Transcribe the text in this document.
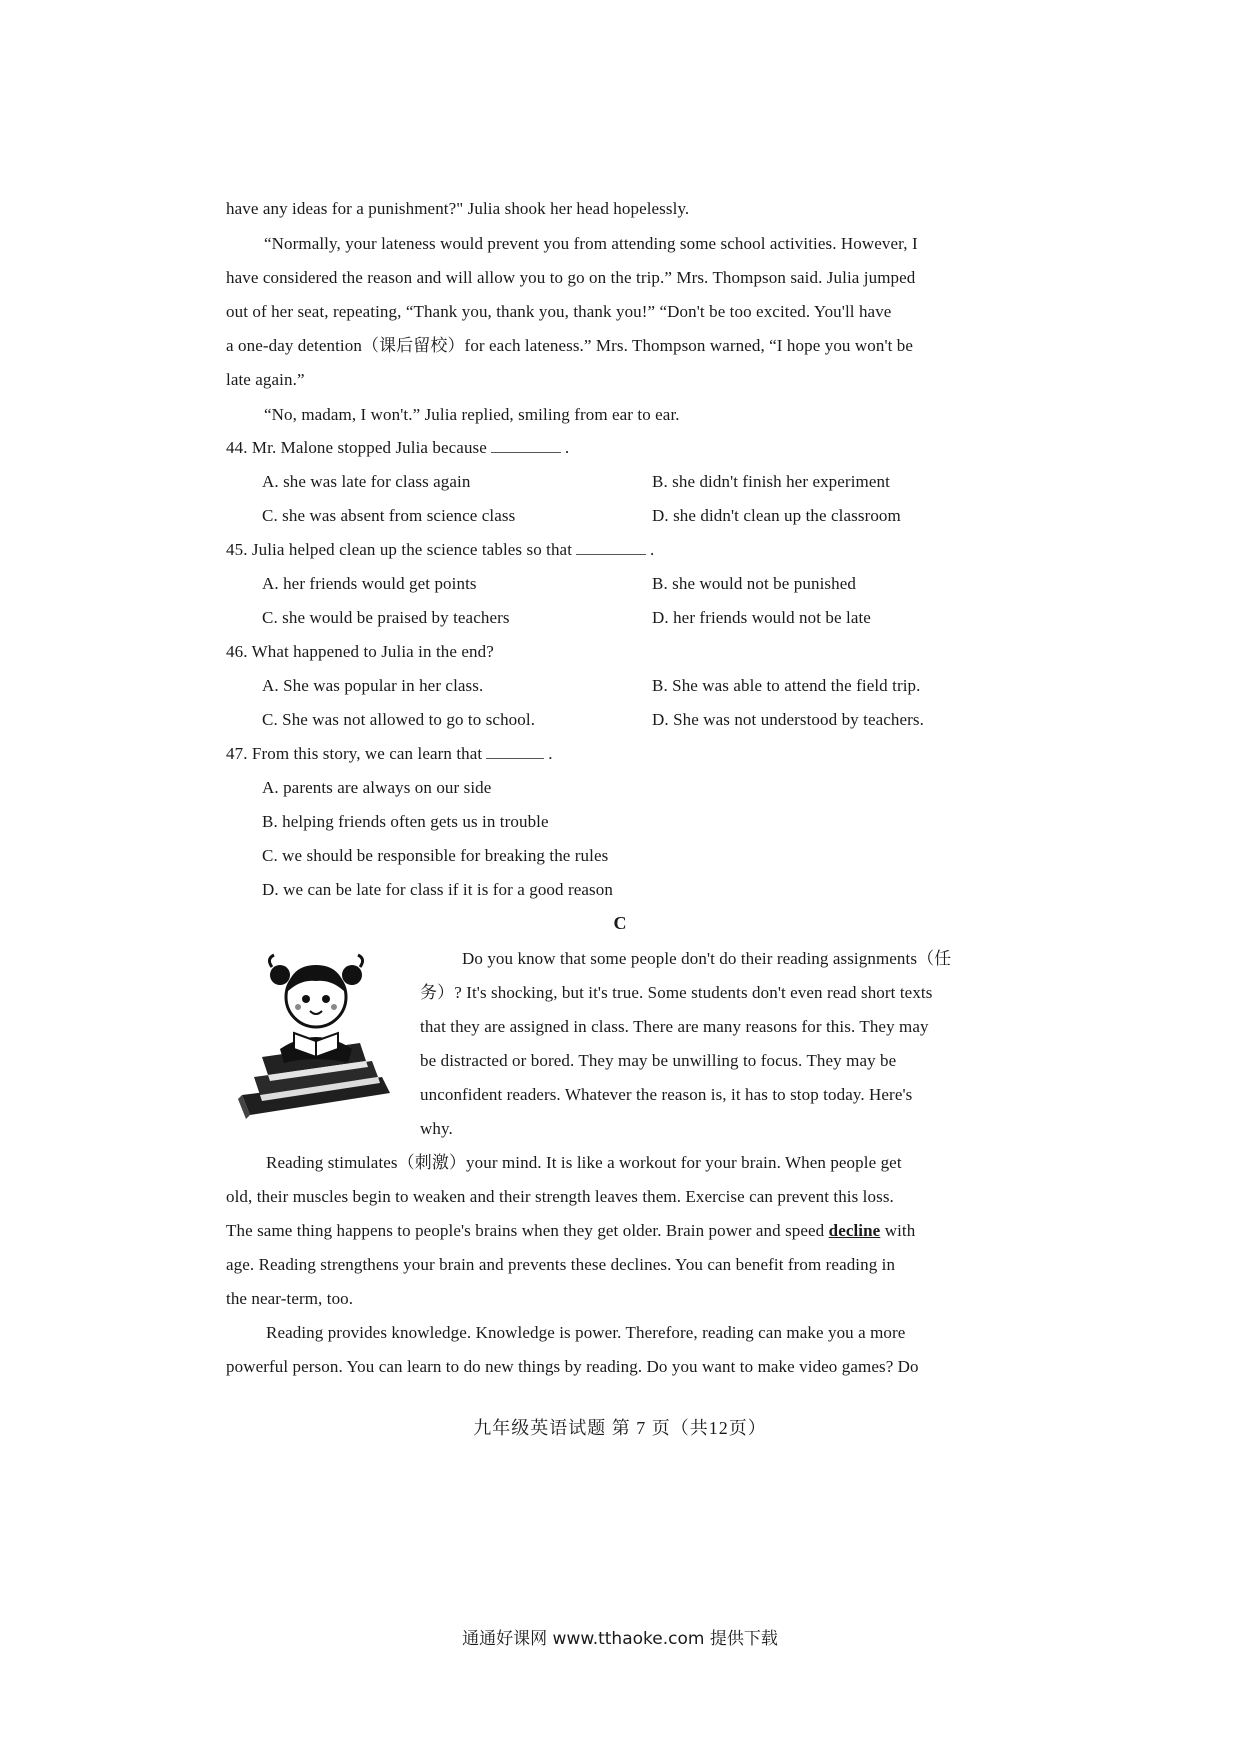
have any ideas for a punishment?" Julia shook her head hopelessly.
“Normally, your lateness would prevent you from attending some school activities. However, I
have considered the reason and will allow you to go on the trip.” Mrs. Thompson said. Julia jumped
out of her seat, repeating, “Thank you, thank you, thank you!” “Don't be too excited. You'll have
a one-day detention（课后留校）for each lateness.” Mrs. Thompson warned, “I hope you won't be
late again.”
“No, madam, I won't.” Julia replied, smiling from ear to ear.
44. Mr. Malone stopped Julia because	.
A. she was late for class again	B. she didn't finish her experiment
C. she was absent from science class	D. she didn't clean up the classroom
45. Julia helped clean up the science tables so that	.
A. her friends would get points	B. she would not be punished
C. she would be praised by teachers	D. her friends would not be late
46. What happened to Julia in the end?
A. She was popular in her class.	B. She was able to attend the field trip.
C. She was not allowed to go to school.	D. She was not understood by teachers.
47. From this story, we can learn that	.
A. parents are always on our side
B. helping friends often gets us in trouble
C. we should be responsible for breaking the rules
D. we can be late for class if it is for a good reason
C
Do you know that some people don't do their reading assignments（任
务）? It's shocking, but it's true. Some students don't even read short texts
that they are assigned in class. There are many reasons for this. They may
be distracted or bored. They may be unwilling to focus. They may be
unconfident readers. Whatever the reason is, it has to stop today. Here's
why.
Reading stimulates（刺激）your mind. It is like a workout for your brain. When people get
old, their muscles begin to weaken and their strength leaves them. Exercise can prevent this loss.
The same thing happens to people's brains when they get older. Brain power and speed decline with
age. Reading strengthens your brain and prevents these declines. You can benefit from reading in
the near-term, too.
Reading provides knowledge. Knowledge is power. Therefore, reading can make you a more
powerful person. You can learn to do new things by reading. Do you want to make video games? Do
九年级英语试题 第 7 页（共12页）
通通好课网 www.tthaoke.com 提供下载
